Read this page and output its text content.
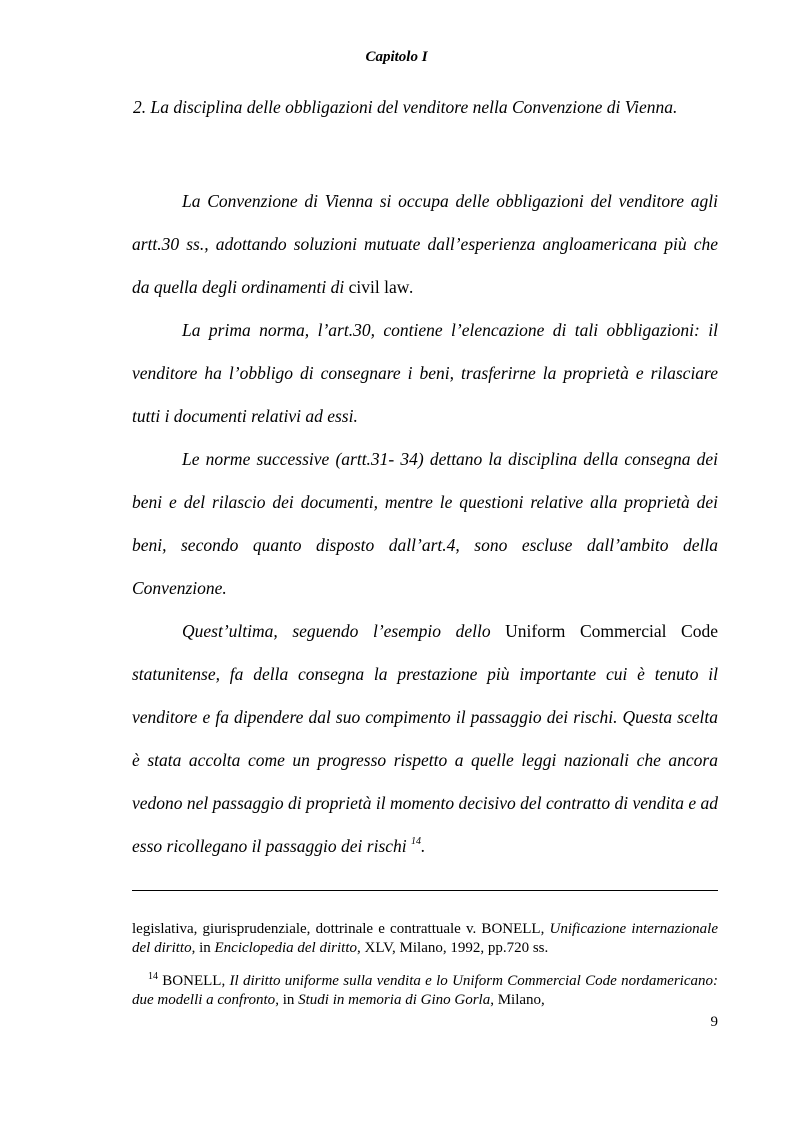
Capitolo I
2. La disciplina delle obbligazioni del venditore nella Convenzione di Vienna.

La Convenzione di Vienna si occupa delle obbligazioni del venditore agli artt.30 ss., adottando soluzioni mutuate dall’esperienza angloamericana più che da quella degli ordinamenti di civil law.

La prima norma, l’art.30, contiene l’elencazione di tali obbligazioni: il venditore ha l’obbligo di consegnare i beni, trasferirne la proprietà e rilasciare tutti i documenti relativi ad essi.

Le norme successive (artt.31- 34) dettano la disciplina della consegna dei beni e del rilascio dei documenti, mentre le questioni relative alla proprietà dei beni, secondo quanto disposto dall’art.4, sono escluse dall’ambito della Convenzione.

Quest’ultima, seguendo l’esempio dello Uniform Commercial Code statunitense, fa della consegna la prestazione più importante cui è tenuto il venditore e fa dipendere dal suo compimento il passaggio dei rischi. Questa scelta è stata accolta come un progresso rispetto a quelle leggi nazionali che ancora vedono nel passaggio di proprietà il momento decisivo del contratto di vendita e ad esso ricollegano il passaggio dei rischi $^{14}$.

legislativa, giurisprudenziale, dottrinale e contrattuale v. BONELL, Unificazione internazionale del diritto, in Enciclopedia del diritto, XLV, Milano, 1992, pp.720 ss.

$^{14}$ BONELL, Il diritto uniforme sulla vendita e lo Uniform Commercial Code nordamericano: due modelli a confronto, in Studi in memoria di Gino Gorla, Milano,

9
